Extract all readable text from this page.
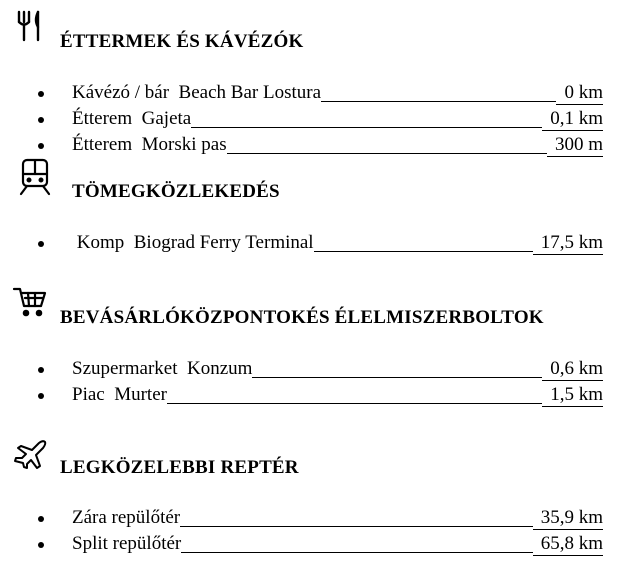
ÉTTERMEK ÉS KÁVÉZÓK
Kávézó / bár  Beach Bar Lostura	0 km
Étterem  Gajeta	0,1 km
Étterem  Morski pas	300 m
TÖMEGKÖZLEKEDÉS
Komp  Biograd Ferry Terminal	17,5 km
BEVÁSÁRLÓKÖZPONTOKÉS ÉLELMISZERBOLTOK
Szupermarket  Konzum	0,6 km
Piac  Murter	1,5 km
LEGKÖZELEBBI REPTÉR
Zára repülőtér	35,9 km
Split repülőtér	65,8 km
